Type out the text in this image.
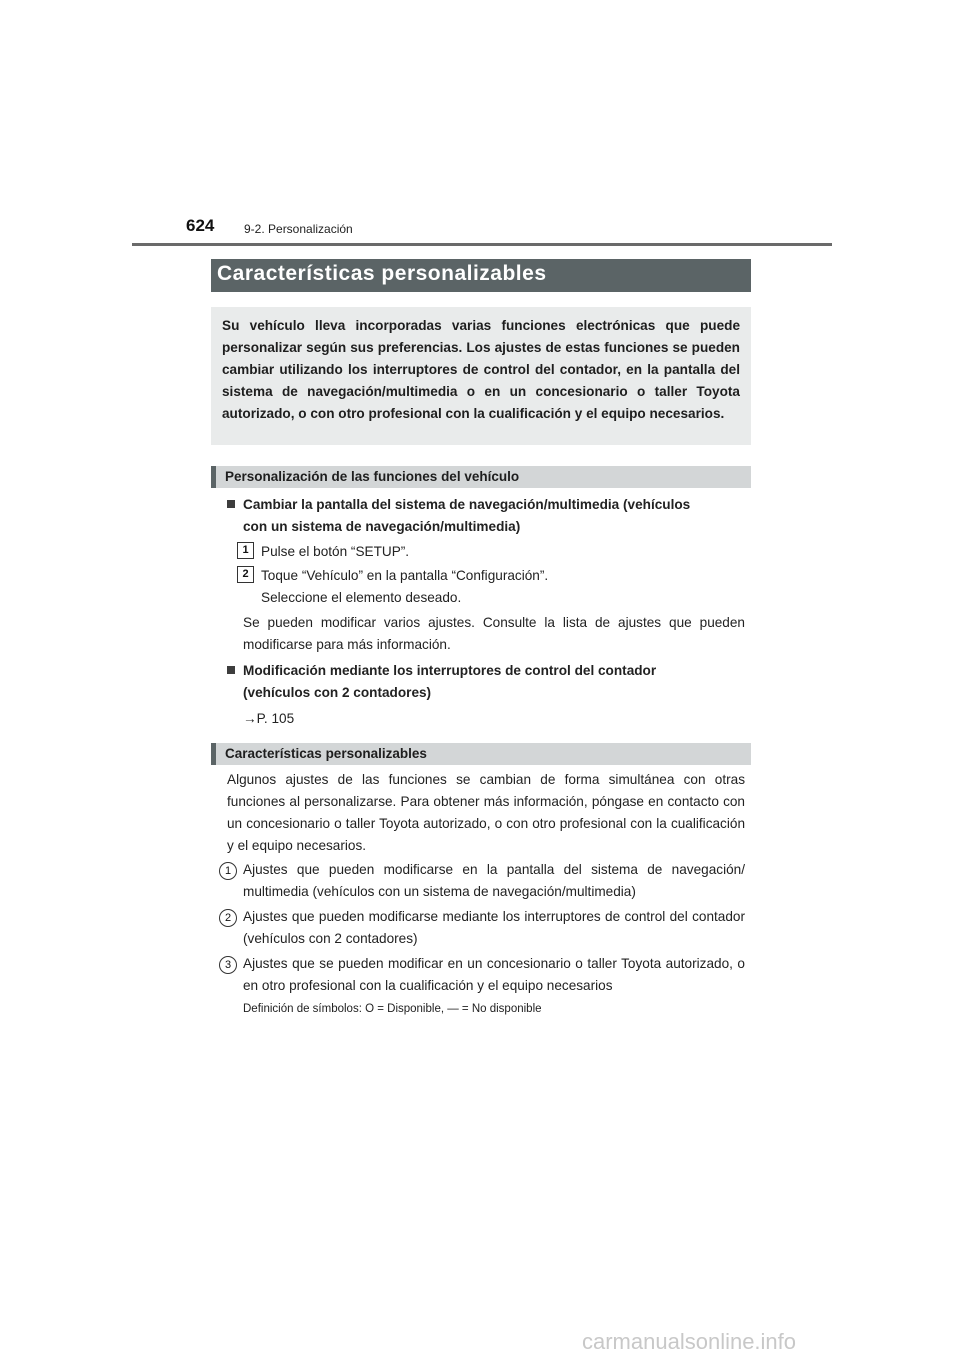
624 9-2. Personalización
Características personalizables
Su vehículo lleva incorporadas varias funciones electrónicas que puede personalizar según sus preferencias. Los ajustes de estas funciones se pueden cambiar utilizando los interruptores de control del contador, en la pantalla del sistema de navegación/multimedia o en un concesionario o taller Toyota autorizado, o con otro profesional con la cualificación y el equipo necesarios.
Personalización de las funciones del vehículo
Cambiar la pantalla del sistema de navegación/multimedia (vehículos
con un sistema de navegación/multimedia)
1 Pulse el botón “SETUP”.
2 Toque “Vehículo” en la pantalla “Configuración”.
Seleccione el elemento deseado.
Se pueden modificar varios ajustes. Consulte la lista de ajustes que pueden modificarse para más información.
Modificación mediante los interruptores de control del contador
(vehículos con 2 contadores)
→P. 105
Características personalizables
Algunos ajustes de las funciones se cambian de forma simultánea con otras funciones al personalizarse. Para obtener más información, póngase en contacto con un concesionario o taller Toyota autorizado, o con otro profesional con la cualificación y el equipo necesarios.
1 Ajustes que pueden modificarse en la pantalla del sistema de navegación/ multimedia (vehículos con un sistema de navegación/multimedia)
2 Ajustes que pueden modificarse mediante los interruptores de control del contador (vehículos con 2 contadores)
3 Ajustes que se pueden modificar en un concesionario o taller Toyota autorizado, o en otro profesional con la cualificación y el equipo necesarios
Definición de símbolos: O = Disponible, — = No disponible
carmanualsonline.info
